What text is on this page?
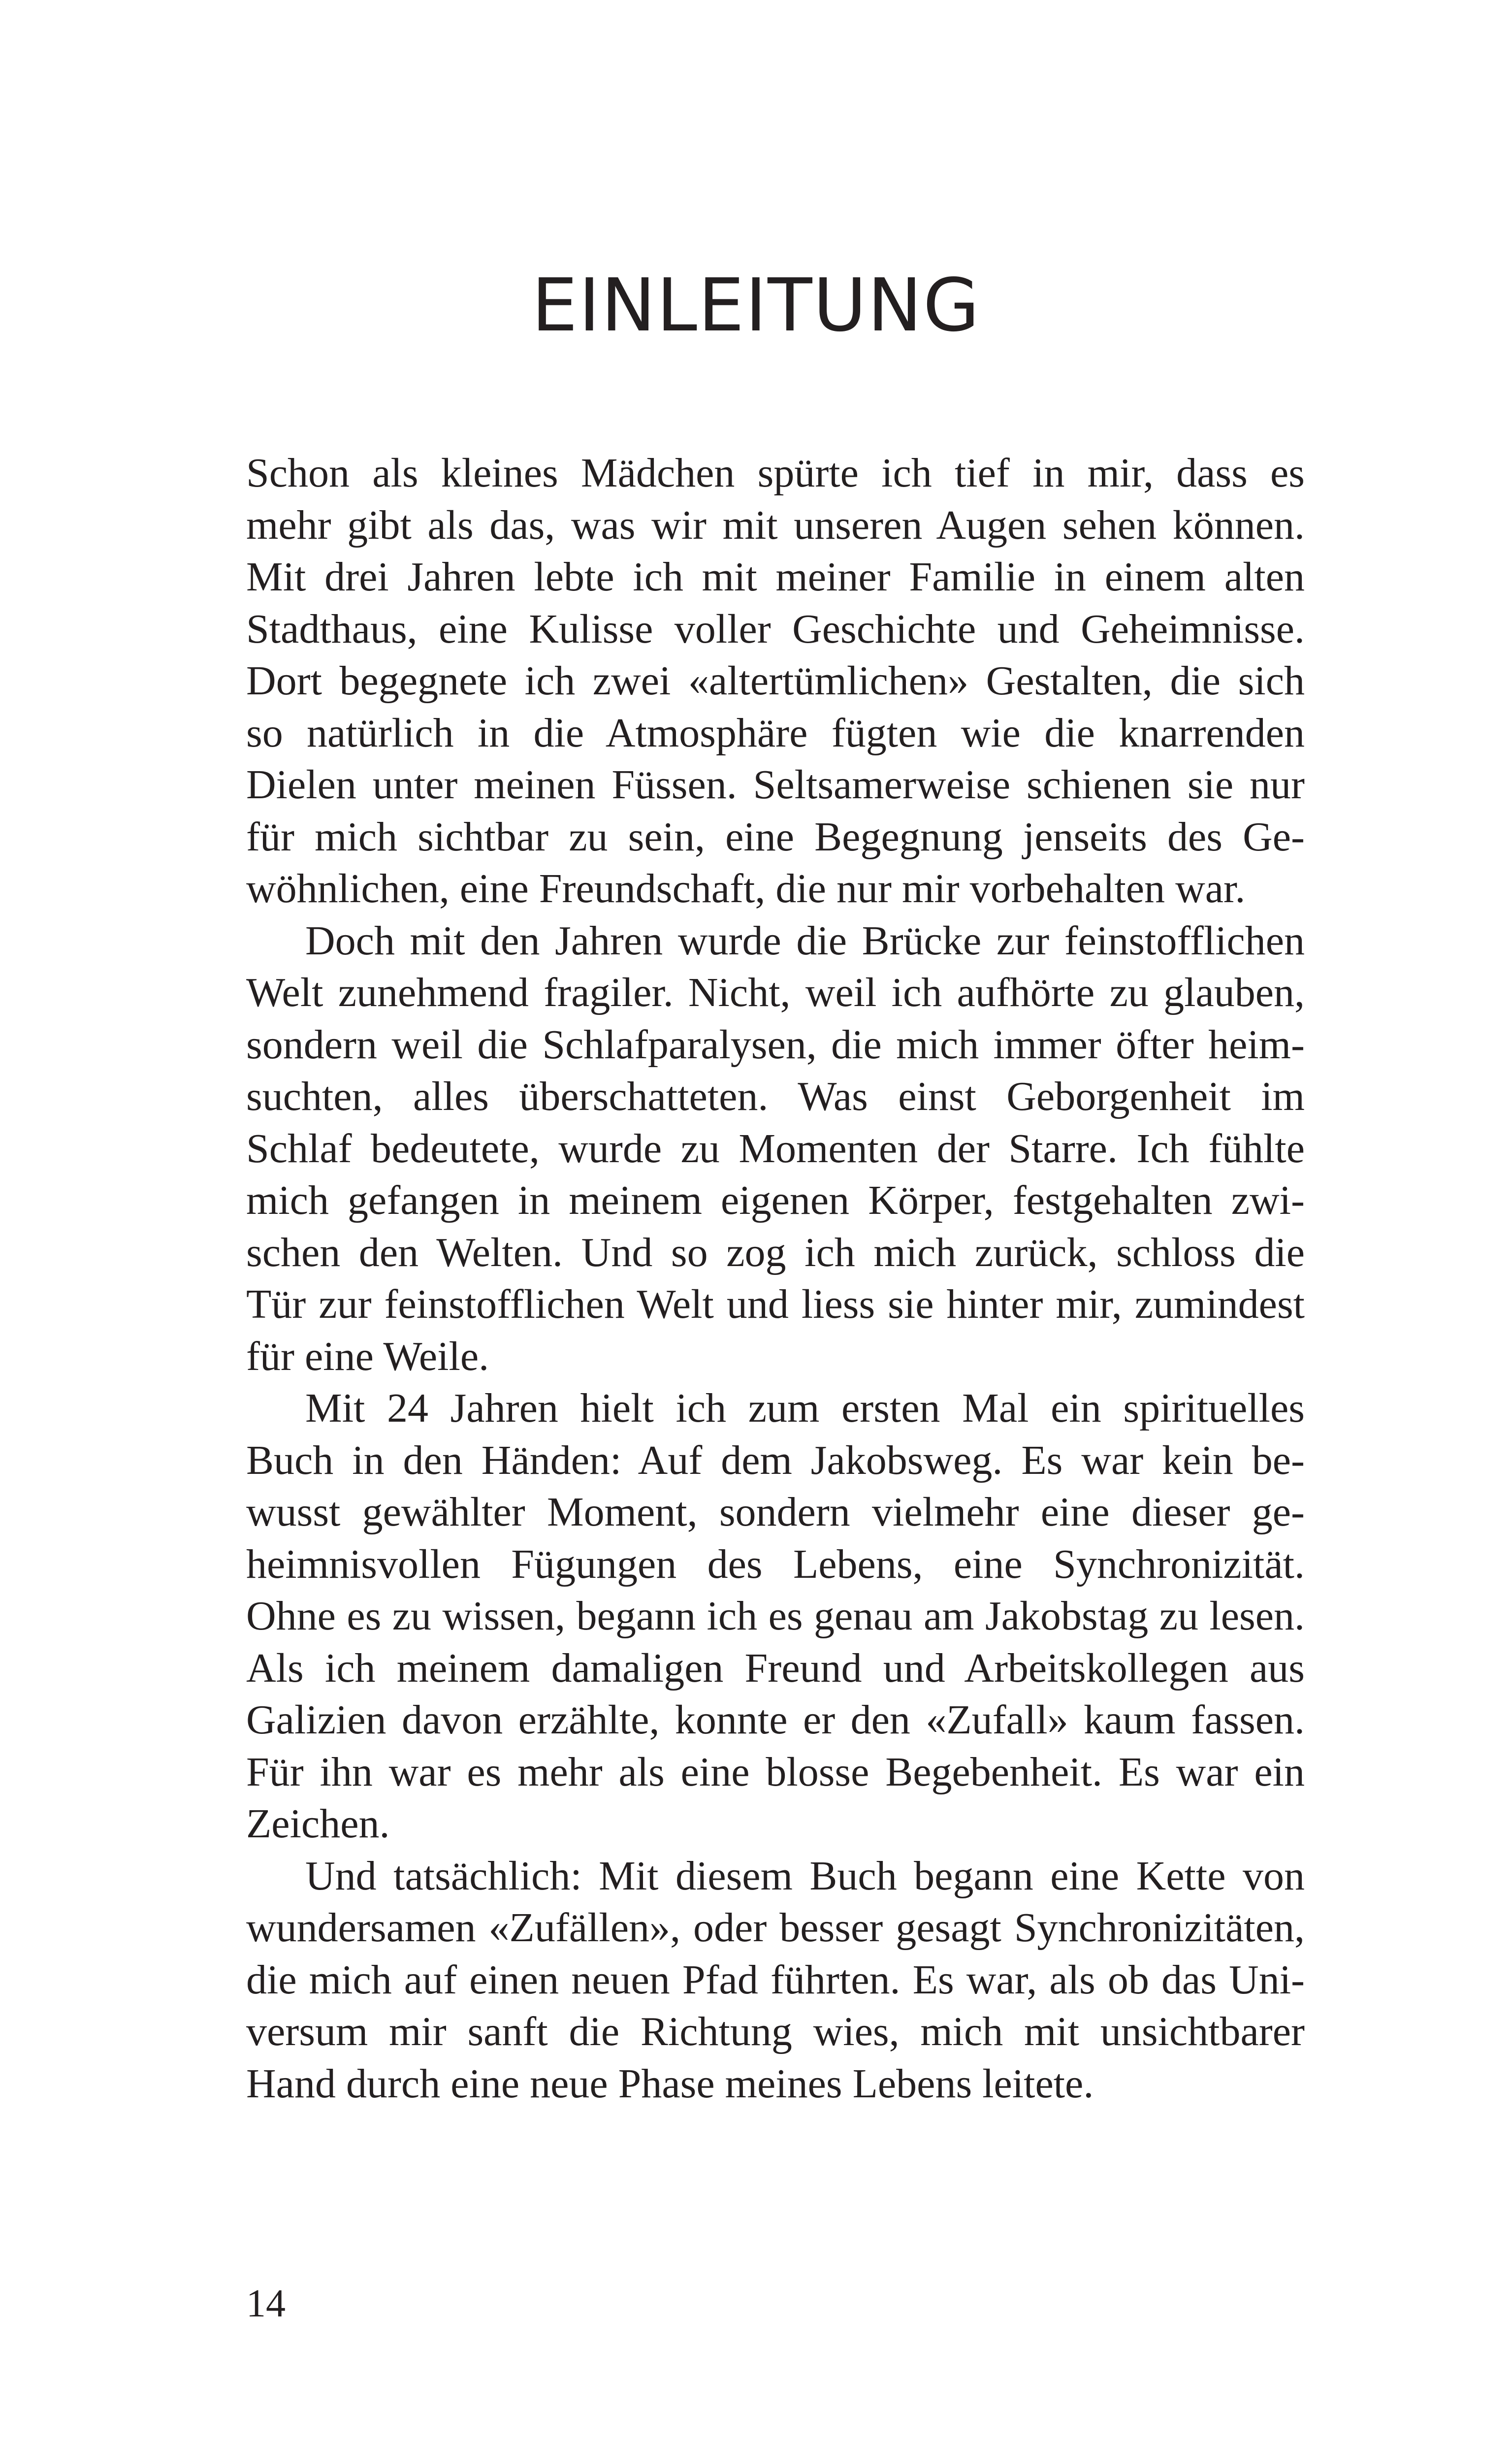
EINLEITUNG
Schon als kleines Mädchen spürte ich tief in mir, dass es
mehr gibt als das, was wir mit unseren Augen sehen können.
Mit drei Jahren lebte ich mit meiner Familie in einem alten
Stadthaus, eine Kulisse voller Geschichte und Geheimnisse.
Dort begegnete ich zwei «altertümlichen» Gestalten, die sich
so natürlich in die Atmosphäre fügten wie die knarrenden
Dielen unter meinen Füssen. Seltsamerweise schienen sie nur
für mich sichtbar zu sein, eine Begegnung jenseits des Ge-
wöhnlichen, eine Freundschaft, die nur mir vorbehalten war.
Doch mit den Jahren wurde die Brücke zur feinstofflichen
Welt zunehmend fragiler. Nicht, weil ich aufhörte zu glauben,
sondern weil die Schlafparalysen, die mich immer öfter heim-
suchten, alles überschatteten. Was einst Geborgenheit im
Schlaf bedeutete, wurde zu Momenten der Starre. Ich fühlte
mich gefangen in meinem eigenen Körper, festgehalten zwi-
schen den Welten. Und so zog ich mich zurück, schloss die
Tür zur feinstofflichen Welt und liess sie hinter mir, zumindest
für eine Weile.
Mit 24 Jahren hielt ich zum ersten Mal ein spirituelles
Buch in den Händen: Auf dem Jakobsweg. Es war kein be-
wusst gewählter Moment, sondern vielmehr eine dieser ge-
heimnisvollen Fügungen des Lebens, eine Synchronizität.
Ohne es zu wissen, begann ich es genau am Jakobstag zu lesen.
Als ich meinem damaligen Freund und Arbeitskollegen aus
Galizien davon erzählte, konnte er den «Zufall» kaum fassen.
Für ihn war es mehr als eine blosse Begebenheit. Es war ein
Zeichen.
Und tatsächlich: Mit diesem Buch begann eine Kette von
wundersamen «Zufällen», oder besser gesagt Synchronizitäten,
die mich auf einen neuen Pfad führten. Es war, als ob das Uni-
versum mir sanft die Richtung wies, mich mit unsichtbarer
Hand durch eine neue Phase meines Lebens leitete.
14
